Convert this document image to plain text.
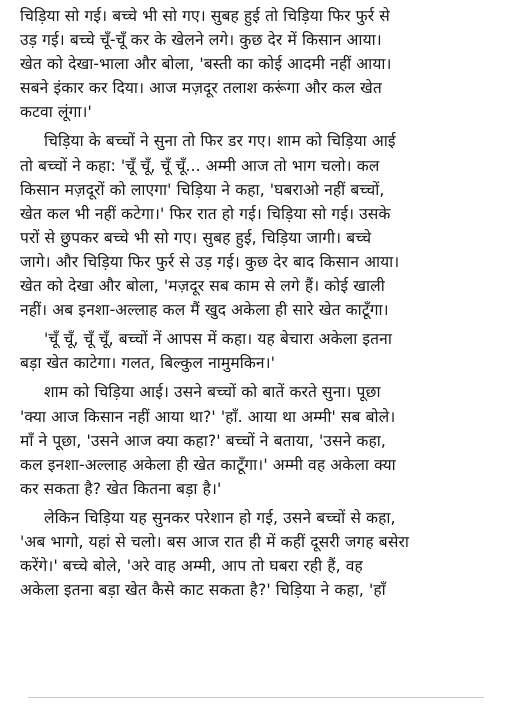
चिड़िया सो गई। बच्चे भी सो गए। सुबह हुई तो चिड़िया फिर फुर्र से
उड़ गई। बच्चे चूँ-चूँ कर के खेलने लगे। कुछ देर में किसान आया।
खेत को देखा-भाला और बोला, 'बस्ती का कोई आदमी नहीं आया।
सबने इंकार कर दिया। आज मज़दूर तलाश करूंगा और कल खेत
कटवा लूंगा।'

चिड़िया के बच्चों ने सुना तो फिर डर गए। शाम को चिड़िया आई
तो बच्चों ने कहा: 'चूँ चूँ, चूँ चूँ... अम्मी आज तो भाग चलो। कल
किसान मज़दूरों को लाएगा' चिड़िया ने कहा, 'घबराओ नहीं बच्चों,
खेत कल भी नहीं कटेगा।' फिर रात हो गई। चिड़िया सो गई। उसके
परों से छुपकर बच्चे भी सो गए। सुबह हुई, चिड़िया जागी। बच्चे
जागे। और चिड़िया फिर फुर्र से उड़ गई। कुछ देर बाद किसान आया।
खेत को देखा और बोला, 'मज़दूर सब काम से लगे हैं। कोई खाली
नहीं। अब इनशा-अल्लाह कल मैं खुद अकेला ही सारे खेत काटूँगा।

'चूँ चूँ, चूँ चूँ, बच्चों नें आपस में कहा। यह बेचारा अकेला इतना
बड़ा खेत काटेगा। गलत, बिल्कुल नामुमकिन।'

शाम को चिड़िया आई। उसने बच्चों को बातें करते सुना। पूछा
'क्या आज किसान नहीं आया था?' 'हाँ. आया था अम्मी' सब बोले।
माँ ने पूछा, 'उसने आज क्या कहा?' बच्चों ने बताया, 'उसने कहा,
कल इनशा-अल्लाह अकेला ही खेत काटूँगा।' अम्मी वह अकेला क्या
कर सकता है? खेत कितना बड़ा है।'

लेकिन चिड़िया यह सुनकर परेशान हो गई, उसने बच्चों से कहा,
'अब भागो, यहां से चलो। बस आज रात ही में कहीं दूसरी जगह बसेरा
करेंगे।' बच्चे बोले, 'अरे वाह अम्मी, आप तो घबरा रही हैं, वह
अकेला इतना बड़ा खेत कैसे काट सकता है?' चिड़िया ने कहा, 'हाँ
